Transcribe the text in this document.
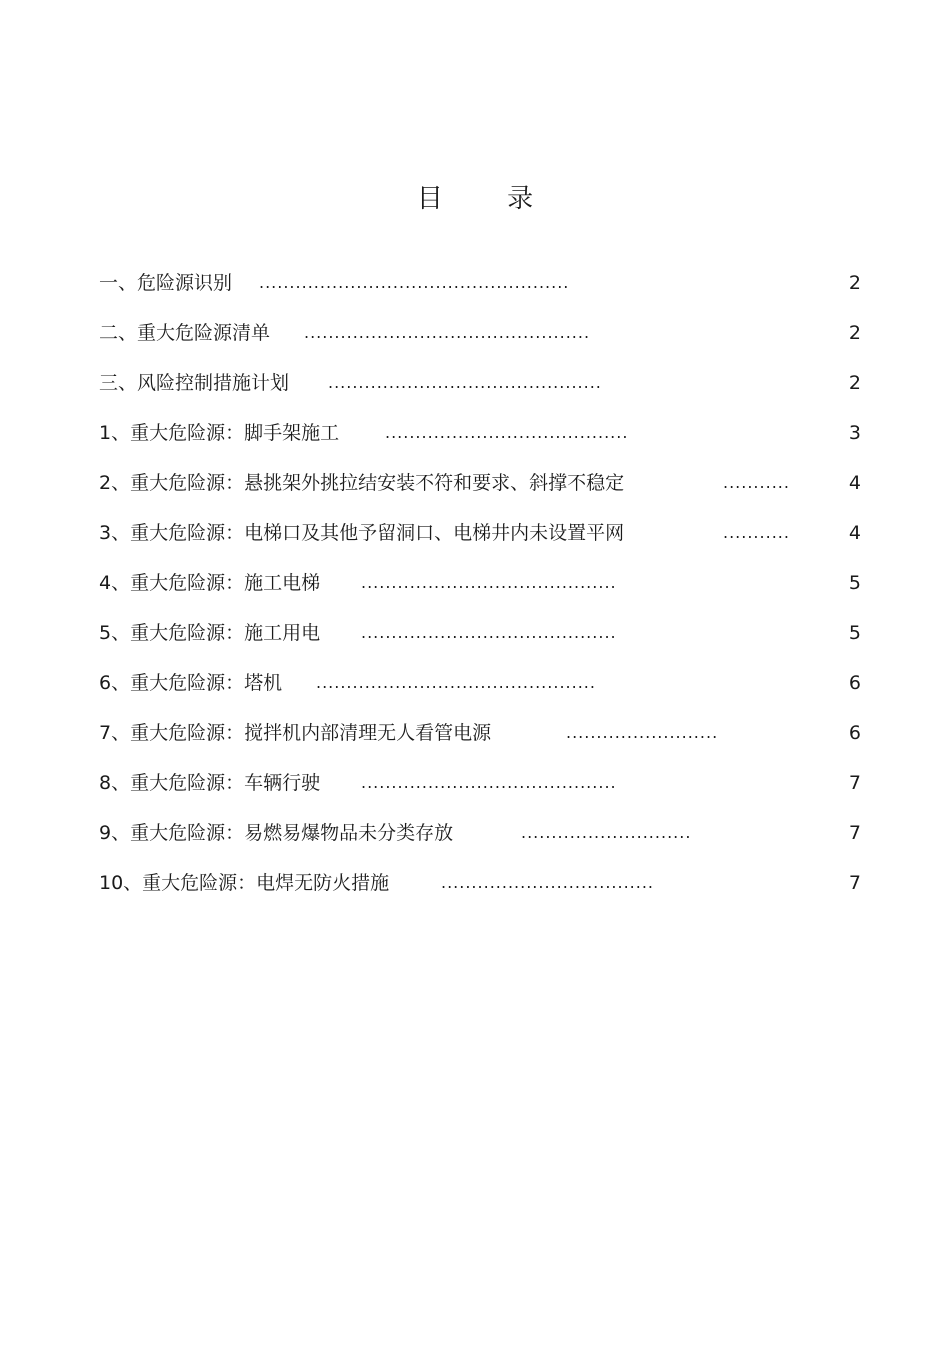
目 录
一、危险源识别 ...................................................	2
二、重大危险源清单 ...............................................	2
三、风险控制措施计划 .............................................	2
1、重大危险源：脚手架施工	........................................	3
2、重大危险源：悬挑架外挑拉结安装不符和要求、斜撑不稳定	...........	4
3、重大危险源：电梯口及其他予留洞口、电梯井内未设置平网	...........	4
4、重大危险源：施工电梯	..........................................	5
5、重大危险源：施工用电	..........................................	5
6、重大危险源：塔机 ..............................................	6
7、重大危险源：搅拌机内部清理无人看管电源	.........................	6
8、重大危险源：车辆行驶	..........................................	7
9、重大危险源：易燃易爆物品未分类存放	............................	7
10、重大危险源：电焊无防火措施	...................................	7
